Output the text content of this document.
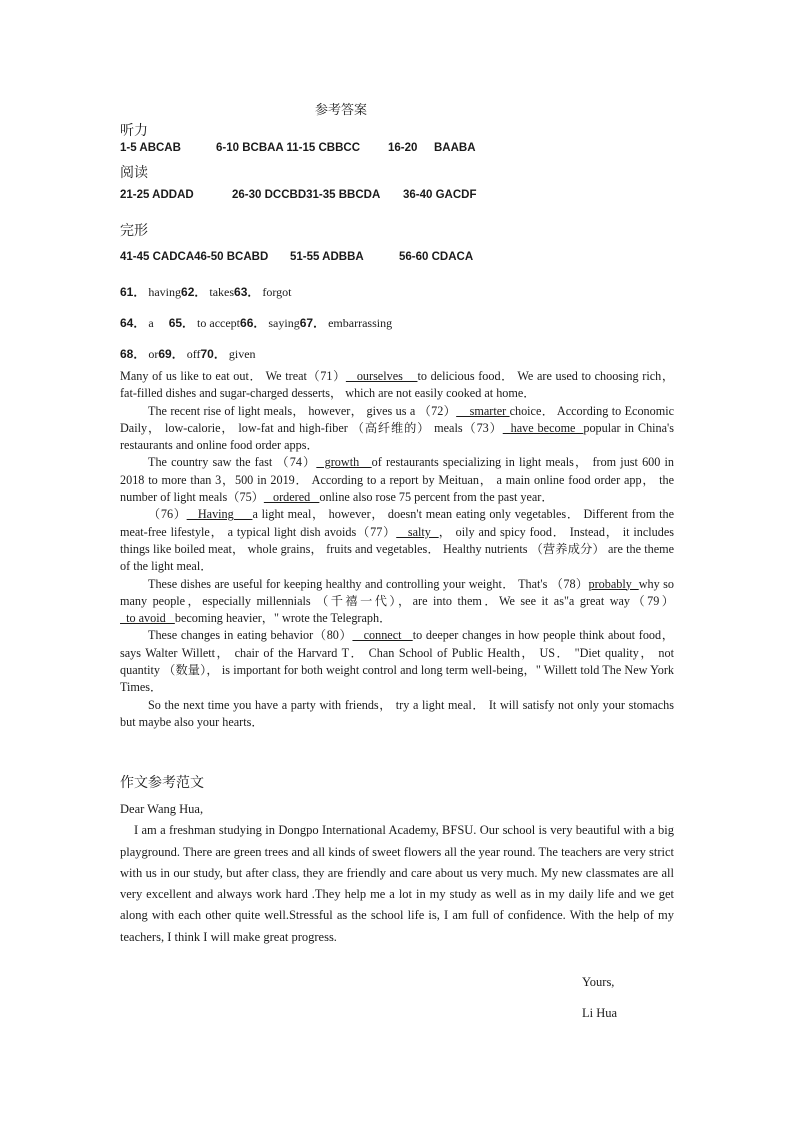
参考答案
听力
1-5 ABCAB	6-10 BCBAA 11-15 CBBCC 16-20 BAABA
阅读
21-25 ADDAD	26-30 DCCBD31-35 BBCDA 36-40 GACDF
完形
41-45 CADCA46-50 BCABD 51-55 ADBBA	56-60 CDACA
61． having62． takes63． forgot
64． a 65． to accept66． saying67． embarrassing
68． or69． off70． given

Many of us like to eat out． We treat（71）   ourselves    to delicious food． We are used to choosing rich， fat-filled dishes and sugar-charged desserts， which are not easily cooked at home．

The recent rise of light meals， however， gives us a （72）    smarter choice． According to Economic Daily， low-calorie， low-fat and high-fiber （高纤维的） meals（73）  have become  popular in China's restaurants and online food order apps．

The country saw the fast （74）  growth   of restaurants specializing in light meals， from just 600 in 2018 to more than 3，500 in 2019． According to a report by Meituan， a main online food order app， the number of light meals（75）   ordered   online also rose 75 percent from the past year．

（76）   Having     a light meal， however， doesn't mean eating only vegetables． Different from the meat-free lifestyle， a typical light dish avoids（77）   salty  ， oily and spicy food． Instead， it includes things like boiled meat， whole grains， fruits and vegetables． Healthy nutrients （营养成分） are the theme of the light meal．

These dishes are useful for keeping healthy and controlling your weight． That's （78）probably  why so many people，especially millennials （千禧一代），are into them．We see it as"a great way（79）  to avoid   becoming heavier，" wrote the Telegraph．

These changes in eating behavior（80）   connect   to deeper changes in how people think about food， says Walter Willett， chair of the Harvard T． Chan School of Public Health， US． "Diet quality， not quantity （数量）， is important for both weight control and long term well-being，" Willett told The New York Times．

So the next time you have a party with friends， try a light meal． It will satisfy not only your stomachs but maybe also your hearts．

作文参考范文

Dear Wang Hua,

I am a freshman studying in Dongpo International Academy, BFSU. Our school is very beautiful with a big playground. There are green trees and all kinds of sweet flowers all the year round. The teachers are very strict with us in our study, but after class, they are friendly and care about us very much. My new classmates are all very excellent and always work hard .They help me a lot in my study as well as in my daily life and we get along with each other quite well.Stressful as the school life is, I am full of confidence. With the help of my teachers, I think I will make great progress.

Yours,
Li Hua
